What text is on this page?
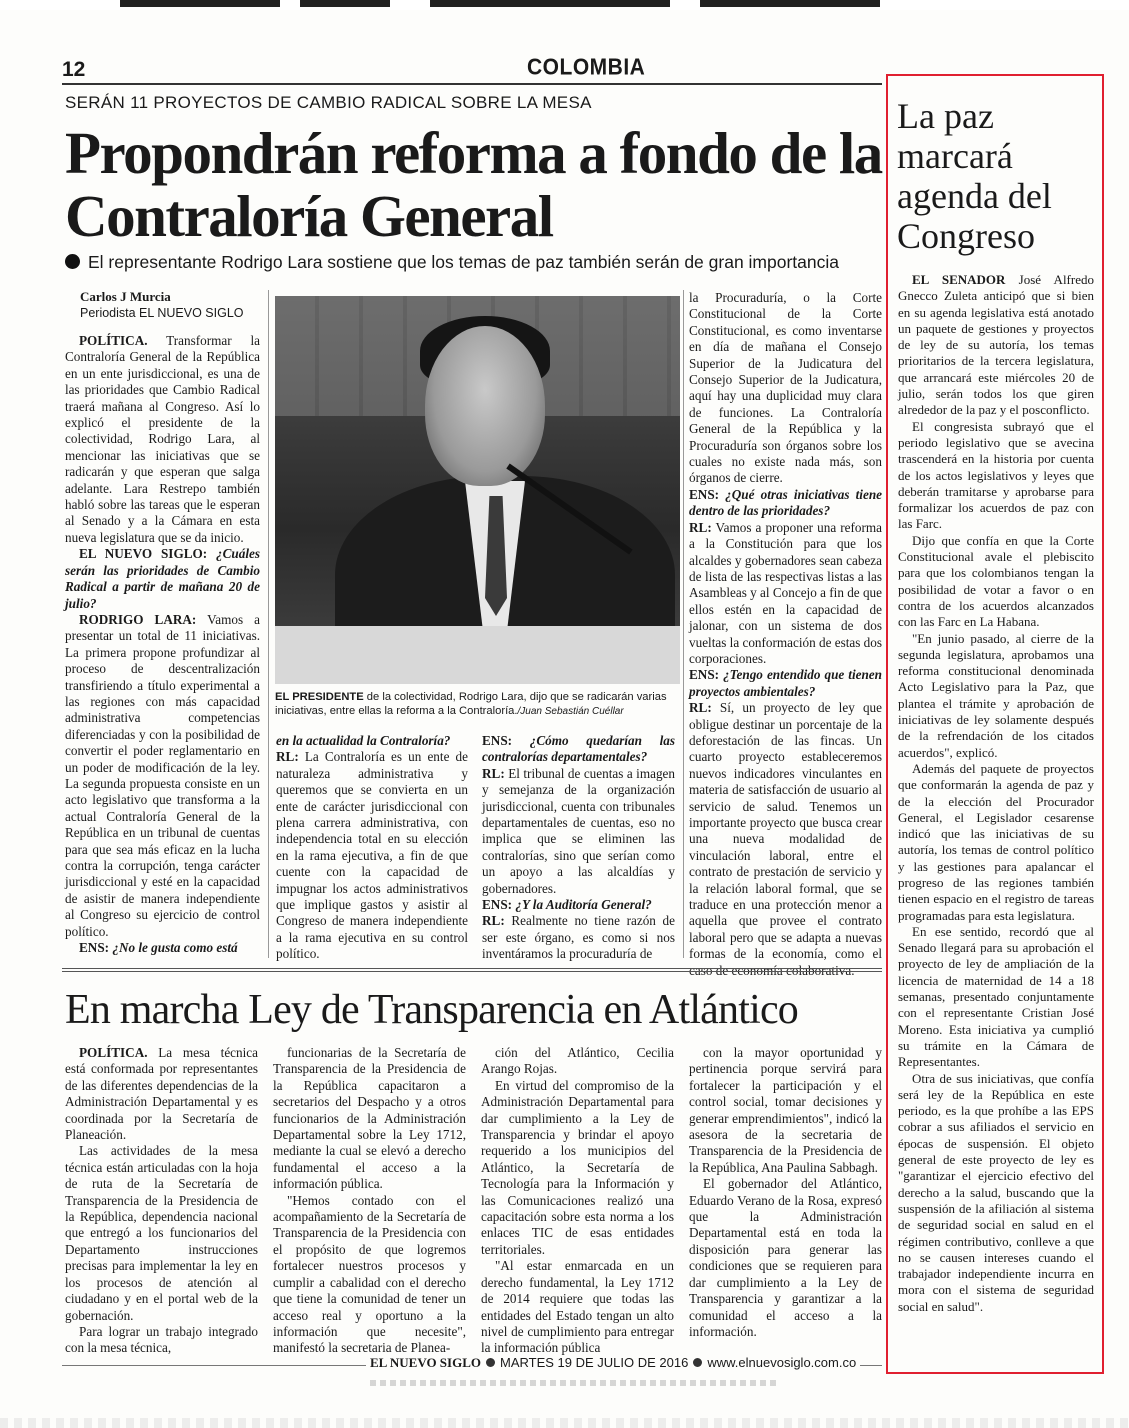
12	COLOMBIA
SERÁN 11 PROYECTOS DE CAMBIO RADICAL SOBRE LA MESA
Propondrán reforma a fondo de la Contraloría General
El representante Rodrigo Lara sostiene que los temas de paz también serán de gran importancia
Carlos J Murcia
Periodista EL NUEVO SIGLO

POLÍTICA. Transformar la Contraloría General de la República en un ente jurisdiccional, es una de las prioridades que Cambio Radical traerá mañana al Congreso. Así lo explicó el presidente de la colectividad, Rodrigo Lara, al mencionar las iniciativas que se radicarán y que esperan que salga adelante. Lara Restrepo también habló sobre las tareas que le esperan al Senado y a la Cámara en esta nueva legislatura que se da inicio.

EL NUEVO SIGLO: ¿Cuáles serán las prioridades de Cambio Radical a partir de mañana 20 de julio?

RODRIGO LARA: Vamos a presentar un total de 11 iniciativas. La primera propone profundizar al proceso de descentralización transfiriendo a título experimental a las regiones con más capacidad administrativa competencias diferenciadas y con la posibilidad de convertir el poder reglamentario en un poder de modificación de la ley. La segunda propuesta consiste en un acto legislativo que transforma a la actual Contraloría General de la República en un tribunal de cuentas para que sea más eficaz en la lucha contra la corrupción, tenga carácter jurisdiccional y esté en la capacidad de asistir de manera independiente al Congreso su ejercicio de control político.

ENS: ¿No le gusta como está

EL PRESIDENTE de la colectividad, Rodrigo Lara, dijo que se radicarán varias iniciativas, entre ellas la reforma a la Contraloría./Juan Sebastián Cuéllar

en la actualidad la Contraloría?

RL: La Contraloría es un ente de naturaleza administrativa y queremos que se convierta en un ente de carácter jurisdiccional con plena carrera administrativa, con independencia total en su elección en la rama ejecutiva, a fin de que cuente con la capacidad de impugnar los actos administrativos que implique gastos y asistir al Congreso de manera independiente a la rama ejecutiva en su control político.

ENS: ¿Cómo quedarían las contralorías departamentales?

RL: El tribunal de cuentas a imagen y semejanza de la organización jurisdiccional, cuenta con tribunales departamentales de cuentas, eso no implica que se eliminen las contralorías, sino que serían como un apoyo a las alcaldías y gobernadores.

ENS: ¿Y la Auditoría General?

RL: Realmente no tiene razón de ser este órgano, es como si nos inventáramos la procuraduría de

la Procuraduría, o la Corte Constitucional de la Corte Constitucional, es como inventarse en día de mañana el Consejo Superior de la Judicatura del Consejo Superior de la Judicatura, aquí hay una duplicidad muy clara de funciones. La Contraloría General de la República y la Procuraduría son órganos sobre los cuales no existe nada más, son órganos de cierre.

ENS: ¿Qué otras iniciativas tiene dentro de las prioridades?

RL: Vamos a proponer una reforma a la Constitución para que los alcaldes y gobernadores sean cabeza de lista de las respectivas listas a las Asambleas y al Concejo a fin de que ellos estén en la capacidad de jalonar, con un sistema de dos vueltas la conformación de estas dos corporaciones.

ENS: ¿Tengo entendido que tienen proyectos ambientales?

RL: Sí, un proyecto de ley que obligue destinar un porcentaje de la deforestación de las fincas. Un cuarto proyecto estableceremos nuevos indicadores vinculantes en materia de satisfacción de usuario al servicio de salud. Tenemos un importante proyecto que busca crear una nueva modalidad de vinculación laboral, entre el contrato de prestación de servicio y la relación laboral formal, que se traduce en una protección menor a aquella que provee el contrato laboral pero que se adapta a nuevas formas de la economía, como el

En marcha Ley de Transparencia en Atlántico

POLÍTICA. La mesa técnica está conformada por representantes de las diferentes dependencias de la Administración Departamental y es coordinada por la Secretaría de Planeación.

Las actividades de la mesa técnica están articuladas con la hoja de ruta de la Secretaría de Transparencia de la Presidencia de la República, dependencia nacional que entregó a los funcionarios del Departamento instrucciones precisas para implementar la ley en los procesos de atención al ciudadano y en el portal web de la gobernación.

Para lograr un trabajo integrado con la mesa técnica,

funcionarias de la Secretaría de Transparencia de la Presidencia de la República capacitaron a secretarios del Despacho y a otros funcionarios de la Administración Departamental sobre la Ley 1712, mediante la cual se elevó a derecho fundamental el acceso a la información pública.

"Hemos contado con el acompañamiento de la Secretaría de Transparencia de la Presidencia con el propósito de que logremos fortalecer nuestros procesos y cumplir a cabalidad con el derecho que tiene la comunidad de tener un acceso real y oportuno a la información que necesite", manifestó la secretaria de Planea-

ción del Atlántico, Cecilia Arango Rojas.

En virtud del compromiso de la Administración Departamental para dar cumplimiento a la Ley de Transparencia y brindar el apoyo requerido a los municipios del Atlántico, la Secretaría de Tecnología para la Información y las Comunicaciones realizó una capacitación sobre esta norma a los enlaces TIC de esas entidades territoriales.

"Al estar enmarcada en un derecho fundamental, la Ley 1712 de 2014 requiere que todas las entidades del Estado tengan un alto nivel de cumplimiento para entregar la información pública

con la mayor oportunidad y pertinencia porque servirá para fortalecer la participación y el control social, tomar decisiones y generar emprendimientos", indicó la asesora de la secretaria de Transparencia de la Presidencia de la República, Ana Paulina Sabbagh.

El gobernador del Atlántico, Eduardo Verano de la Rosa, expresó que la Administración Departamental está en toda la disposición para generar las condiciones que se requieren para dar cumplimiento a la Ley de Transparencia y garantizar a la comunidad el acceso a la información.

La paz marcará agenda del Congreso

EL SENADOR José Alfredo Gnecco Zuleta anticipó que si bien en su agenda legislativa está anotado un paquete de gestiones y proyectos de ley de su autoría, los temas prioritarios de la tercera legislatura, que arrancará este miércoles 20 de julio, serán todos los que giren alrededor de la paz y el posconflicto.

El congresista subrayó que el periodo legislativo que se avecina trascenderá en la historia por cuenta de los actos legislativos y leyes que deberán tramitarse y aprobarse para formalizar los acuerdos de paz con las Farc.

Dijo que confía en que la Corte Constitucional avale el plebiscito para que los colombianos tengan la posibilidad de votar a favor o en contra de los acuerdos alcanzados con las Farc en La Habana.

"En junio pasado, al cierre de la segunda legislatura, aprobamos una reforma constitucional denominada Acto Legislativo para la Paz, que plantea el trámite y aprobación de iniciativas de ley solamente después de la refrendación de los citados acuerdos", explicó.

Además del paquete de proyectos que conformarán la agenda de paz y de la elección del Procurador General, el Legislador cesarense indicó que las iniciativas de su autoría, los temas de control político y las gestiones para apalancar el progreso de las regiones también tienen espacio en el registro de tareas programadas para esta legislatura.

En ese sentido, recordó que al Senado llegará para su aprobación el proyecto de ley de ampliación de la licencia de maternidad de 14 a 18 semanas, presentado conjuntamente con el representante Cristian José Moreno. Esta iniciativa ya cumplió su trámite en la Cámara de Representantes.

Otra de sus iniciativas, que confía será ley de la República en este periodo, es la que prohíbe a las EPS cobrar a sus afiliados el servicio en épocas de suspensión. El objeto general de este proyecto de ley es "garantizar el ejercicio efectivo del derecho a la salud, buscando que la suspensión de la afiliación al sistema de seguridad social en salud en el régimen contributivo, conlleve a que no se causen intereses cuando el trabajador independiente incurra en mora con el sistema de seguridad social en salud".

EL NUEVO SIGLO MARTES 19 DE JULIO DE 2016 www.elnuevosiglo.com.co
